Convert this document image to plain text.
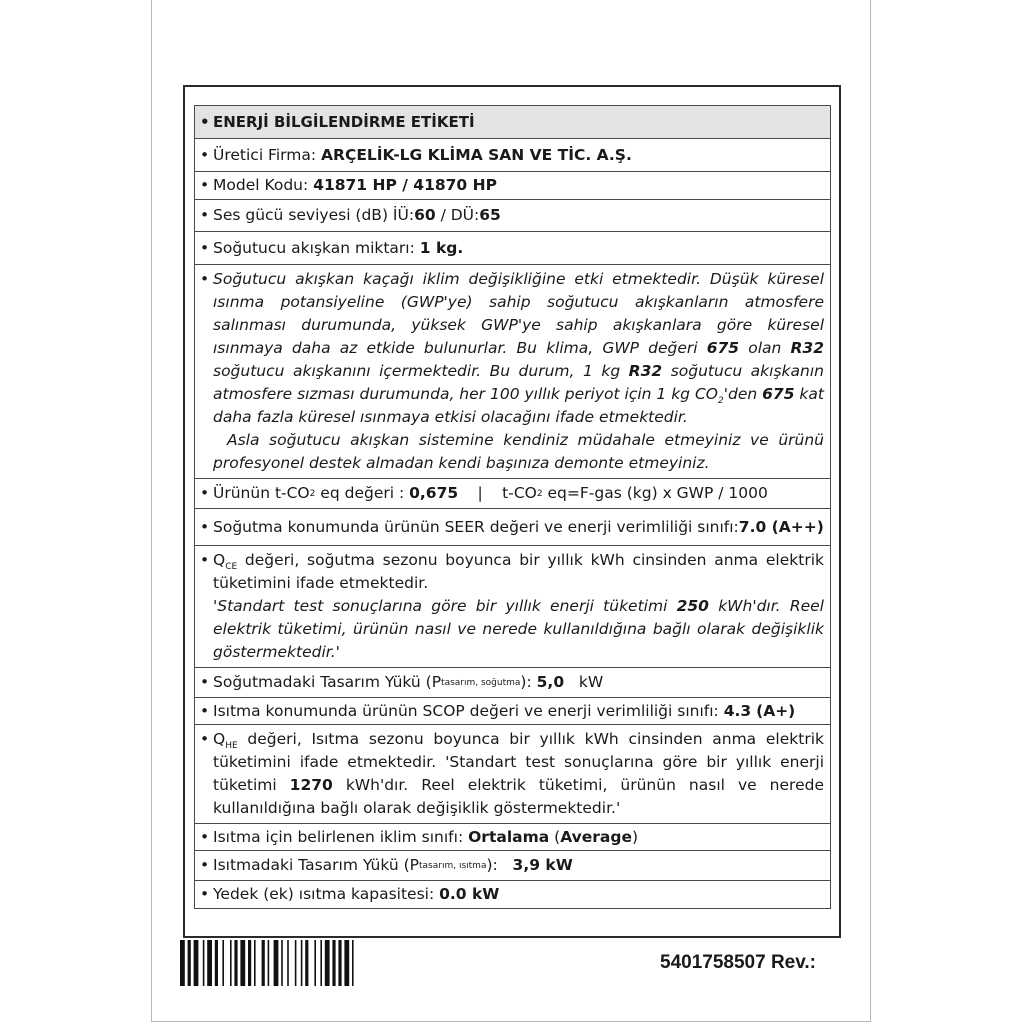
• ENERJİ BİLGİLENDİRME ETİKETİ
• Üretici Firma:
ARÇELİK-LG KLİMA SAN VE TİC. A.Ş.
• Model Kodu:
41871 HP / 41870 HP
• Ses gücü seviyesi (dB) İÜ: 60 / DÜ: 65
• Soğutucu akışkan miktarı:
1 kg.
• Soğutucu akışkan kaçağı iklim değişikliğine etki etmektedir. Düşük küresel ısınma potansiyeline (GWP'ye) sahip soğutucu akışkanların atmosfere salınması durumunda, yüksek GWP'ye sahip akışkanlara göre küresel ısınmaya daha az etkide bulunurlar. Bu klima, GWP değeri 675 olan R32 soğutucu akışkanını içermektedir. Bu durum, 1 kg R32 soğutucu akışkanın atmosfere sızması durumunda, her 100 yıllık periyot için 1 kg $CO_2'den$ 675 kat daha fazla küresel ısınmaya etkisi olacağını ifade etmektedir.

Asla soğutucu akışkan sistemine kendiniz müdahale etmeyiniz ve ürünü profesyonel destek almadan kendi başınıza demonte etmeyiniz.

• Ürünün t-CO 2 eq değeri :
0,675	|	t-CO 2 eq=F-gas (kg) x GWP / 1000
• Soğutma konumunda ürünün SEER değeri ve enerji verimliliği sınıfı: 7.0 (A++)
• $Q_{CE}$ değeri, soğutma sezonu boyunca bir yıllık kWh cinsinden anma elektrik tüketimini ifade etmektedir.

'Standart test sonuçlarına göre bir yıllık enerji tüketimi 250 kWh'dır. Reel elektrik tüketimi, ürünün nasıl ve nerede kullanıldığına bağlı olarak değişiklik göstermektedir.'

• Soğutmadaki Tasarım Yükü (P tasarım, soğutma ):
5,0
kW
• Isıtma konumunda ürünün SCOP değeri ve enerji verimliliği sınıfı:
4.3
(A+)
• $Q_{HE}$ değeri, Isıtma sezonu boyunca bir yıllık kWh cinsinden anma elektrik tüketimini ifade etmektedir. 'Standart test sonuçlarına göre bir yıllık enerji tüketimi 1270 kWh'dır. Reel elektrik tüketimi, ürünün nasıl ve nerede kullanıldığına bağlı olarak değişiklik göstermektedir.'

• Isıtma için belirlenen iklim sınıfı:
Ortalama ( Average )
• Isıtmadaki Tasarım Yükü (P tasarım, ısıtma ):
3,9 kW
• Yedek (ek) ısıtma kapasitesi:
0.0 kW
5401758507 Rev.:
